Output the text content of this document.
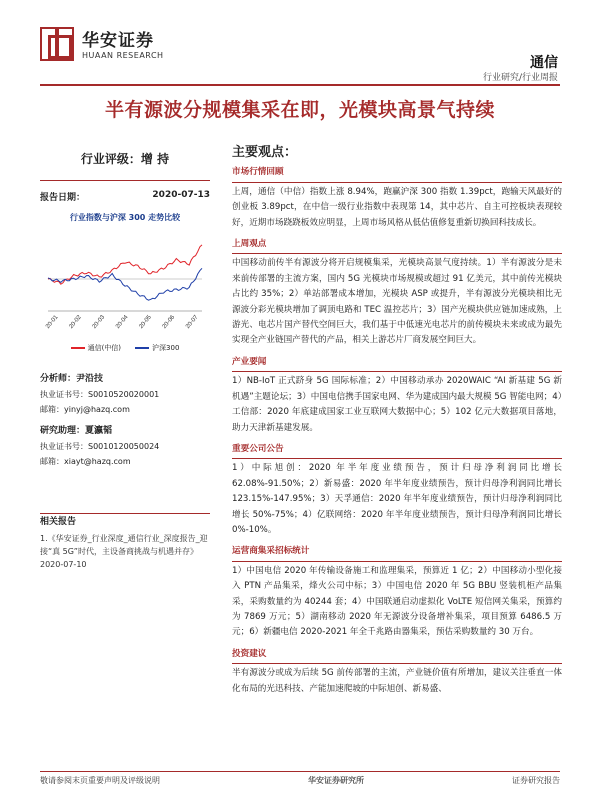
华安证券
HUAAN RESEARCH	通信
行业研究/行业周报
半有源波分规模集采在即，光模块高景气持续
行业评级：增 持
报告日期：	2020-07-13
行业指数与沪深 300 走势比较
20-01 20-02 20-03 20-04 20-05 20-06 20-07
通信(中信)	沪深300
分析师：尹沿技
执业证书号：S0010520020001
邮箱：yinyj@hazq.com
研究助理：夏瀛韬
执业证书号：S0010120050024
邮箱：xiayt@hazq.com
相关报告
1.《华安证券_行业深度_通信行业_深度报告_迎接“真 5G”时代，主设备商挑战与机遇并存》 2020-07-10
主要观点：
市场行情回顾
上周，通信（中信）指数上涨 8.94%，跑赢沪深 300 指数 1.39pct，跑输天风最好的创业板 3.89pct，在中信一级行业指数中表现第 14，其中芯片、自主可控板块表现较好，近期市场跷跷板效应明显，上周市场风格从低估值修复重新切换回科技成长。
上周观点
中国移动前传半有源波分将开启规模集采，光模块高景气度持续。1）半有源波分是未来前传部署的主流方案，国内 5G 光模块市场规模或超过 91 亿美元，其中前传光模块占比约 35%；2）单站部署成本增加，光模块 ASP 或提升，半有源波分光模块相比无源波分彩光模块增加了调顶电路和 TEC 温控芯片；3）国产光模块供应链加速成熟，上游光、电芯片国产替代空间巨大，我们基于中低速光电芯片的前传模块未来或成为最先实现全产业链国产替代的产品，相关上游芯片厂商发展空间巨大。
产业要闻
1）NB-IoT 正式跻身 5G 国际标准；2）中国移动承办 2020WAIC “AI 新基建 5G 新机遇”主题论坛；3）中国电信携手国家电网、华为建成国内最大规模 5G 智能电网；4）工信部：2020 年底建成国家工业互联网大数据中心；5）102 亿元大数据项目落地，助力天津新基建发展。
重要公司公告
1）中际旭创：2020 年半年度业绩预告，预计归母净利润同比增长 62.08%-91.50%；2）新易盛：2020 年半年度业绩预告，预计归母净利润同比增长 123.15%-147.95%；3）天孚通信：2020 年半年度业绩预告，预计归母净利润同比增长 50%-75%；4）亿联网络：2020 年半年度业绩预告，预计归母净利润同比增长 0%-10%。
运营商集采招标统计
1）中国电信 2020 年传输设备施工和监理集采，预算近 1 亿；2）中国移动小型化接入 PTN 产品集采，烽火公司中标；3）中国电信 2020 年 5G BBU 竖装机柜产品集采，采购数量约为 40244 套；4）中国联通启动虚拟化 VoLTE 短信网关集采，预算约为 7869 万元；5）湖南移动 2020 年无源波分设备增补集采，项目预算 6486.5 万元；6）新疆电信 2020-2021 年全千兆路由器集采，预估采购数量约 30 万台。
投资建议
半有源波分或成为后续 5G 前传部署的主流，产业链价值有所增加，建议关注垂直一体化布局的光迅科技、产能加速爬坡的中际旭创、新易盛、
敬请参阅末页重要声明及评级说明	华安证券研究所	证券研究报告
